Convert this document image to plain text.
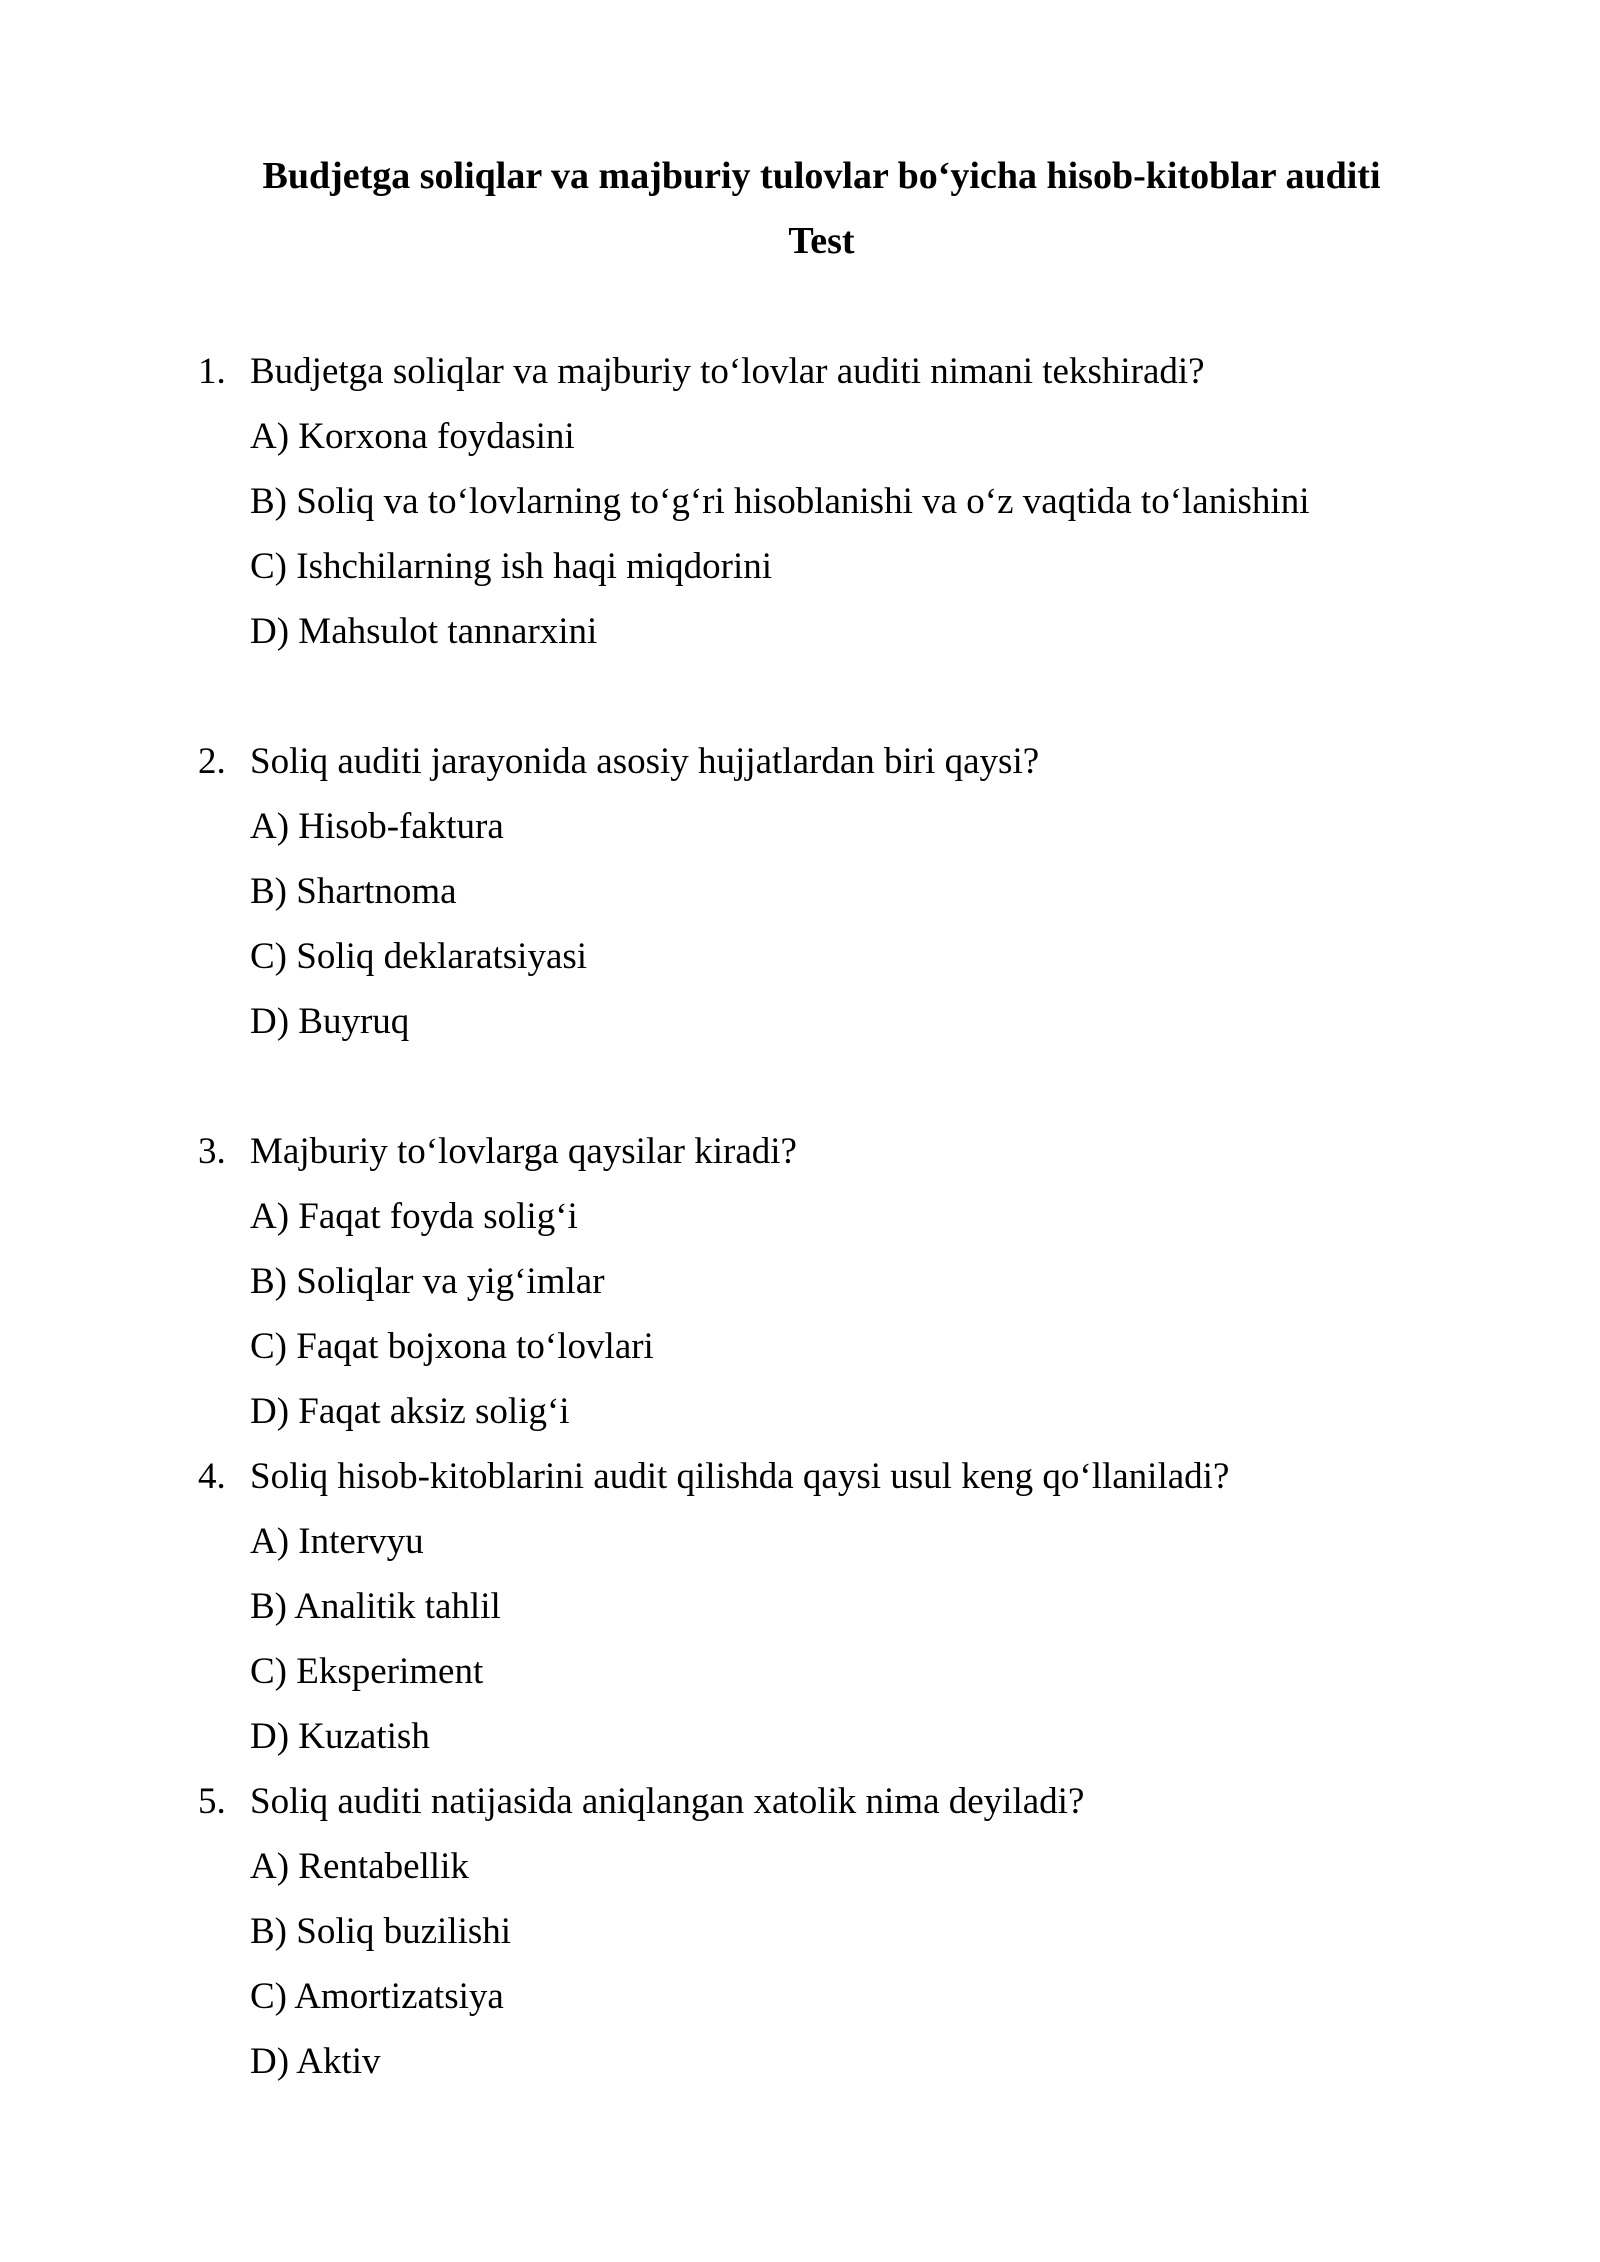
Budjetga soliqlar va majburiy tulovlar bo‘yicha hisob-kitoblar auditi
Test
1. Budjetga soliqlar va majburiy to‘lovlar auditi nimani tekshiradi?
A) Korxona foydasini
B) Soliq va to‘lovlarning to‘g‘ri hisoblanishi va o‘z vaqtida to‘lanishini
C) Ishchilarning ish haqi miqdorini
D) Mahsulot tannarxini
2. Soliq auditi jarayonida asosiy hujjatlardan biri qaysi?
A) Hisob-faktura
B) Shartnoma
C) Soliq deklaratsiyasi
D) Buyruq
3. Majburiy to‘lovlarga qaysilar kiradi?
A) Faqat foyda solig‘i
B) Soliqlar va yig‘imlar
C) Faqat bojxona to‘lovlari
D) Faqat aksiz solig‘i
4. Soliq hisob-kitoblarini audit qilishda qaysi usul keng qo‘llaniladi?
A) Intervyu
B) Analitik tahlil
C) Eksperiment
D) Kuzatish
5. Soliq auditi natijasida aniqlangan xatolik nima deyiladi?
A) Rentabellik
B) Soliq buzilishi
C) Amortizatsiya
D) Aktiv
